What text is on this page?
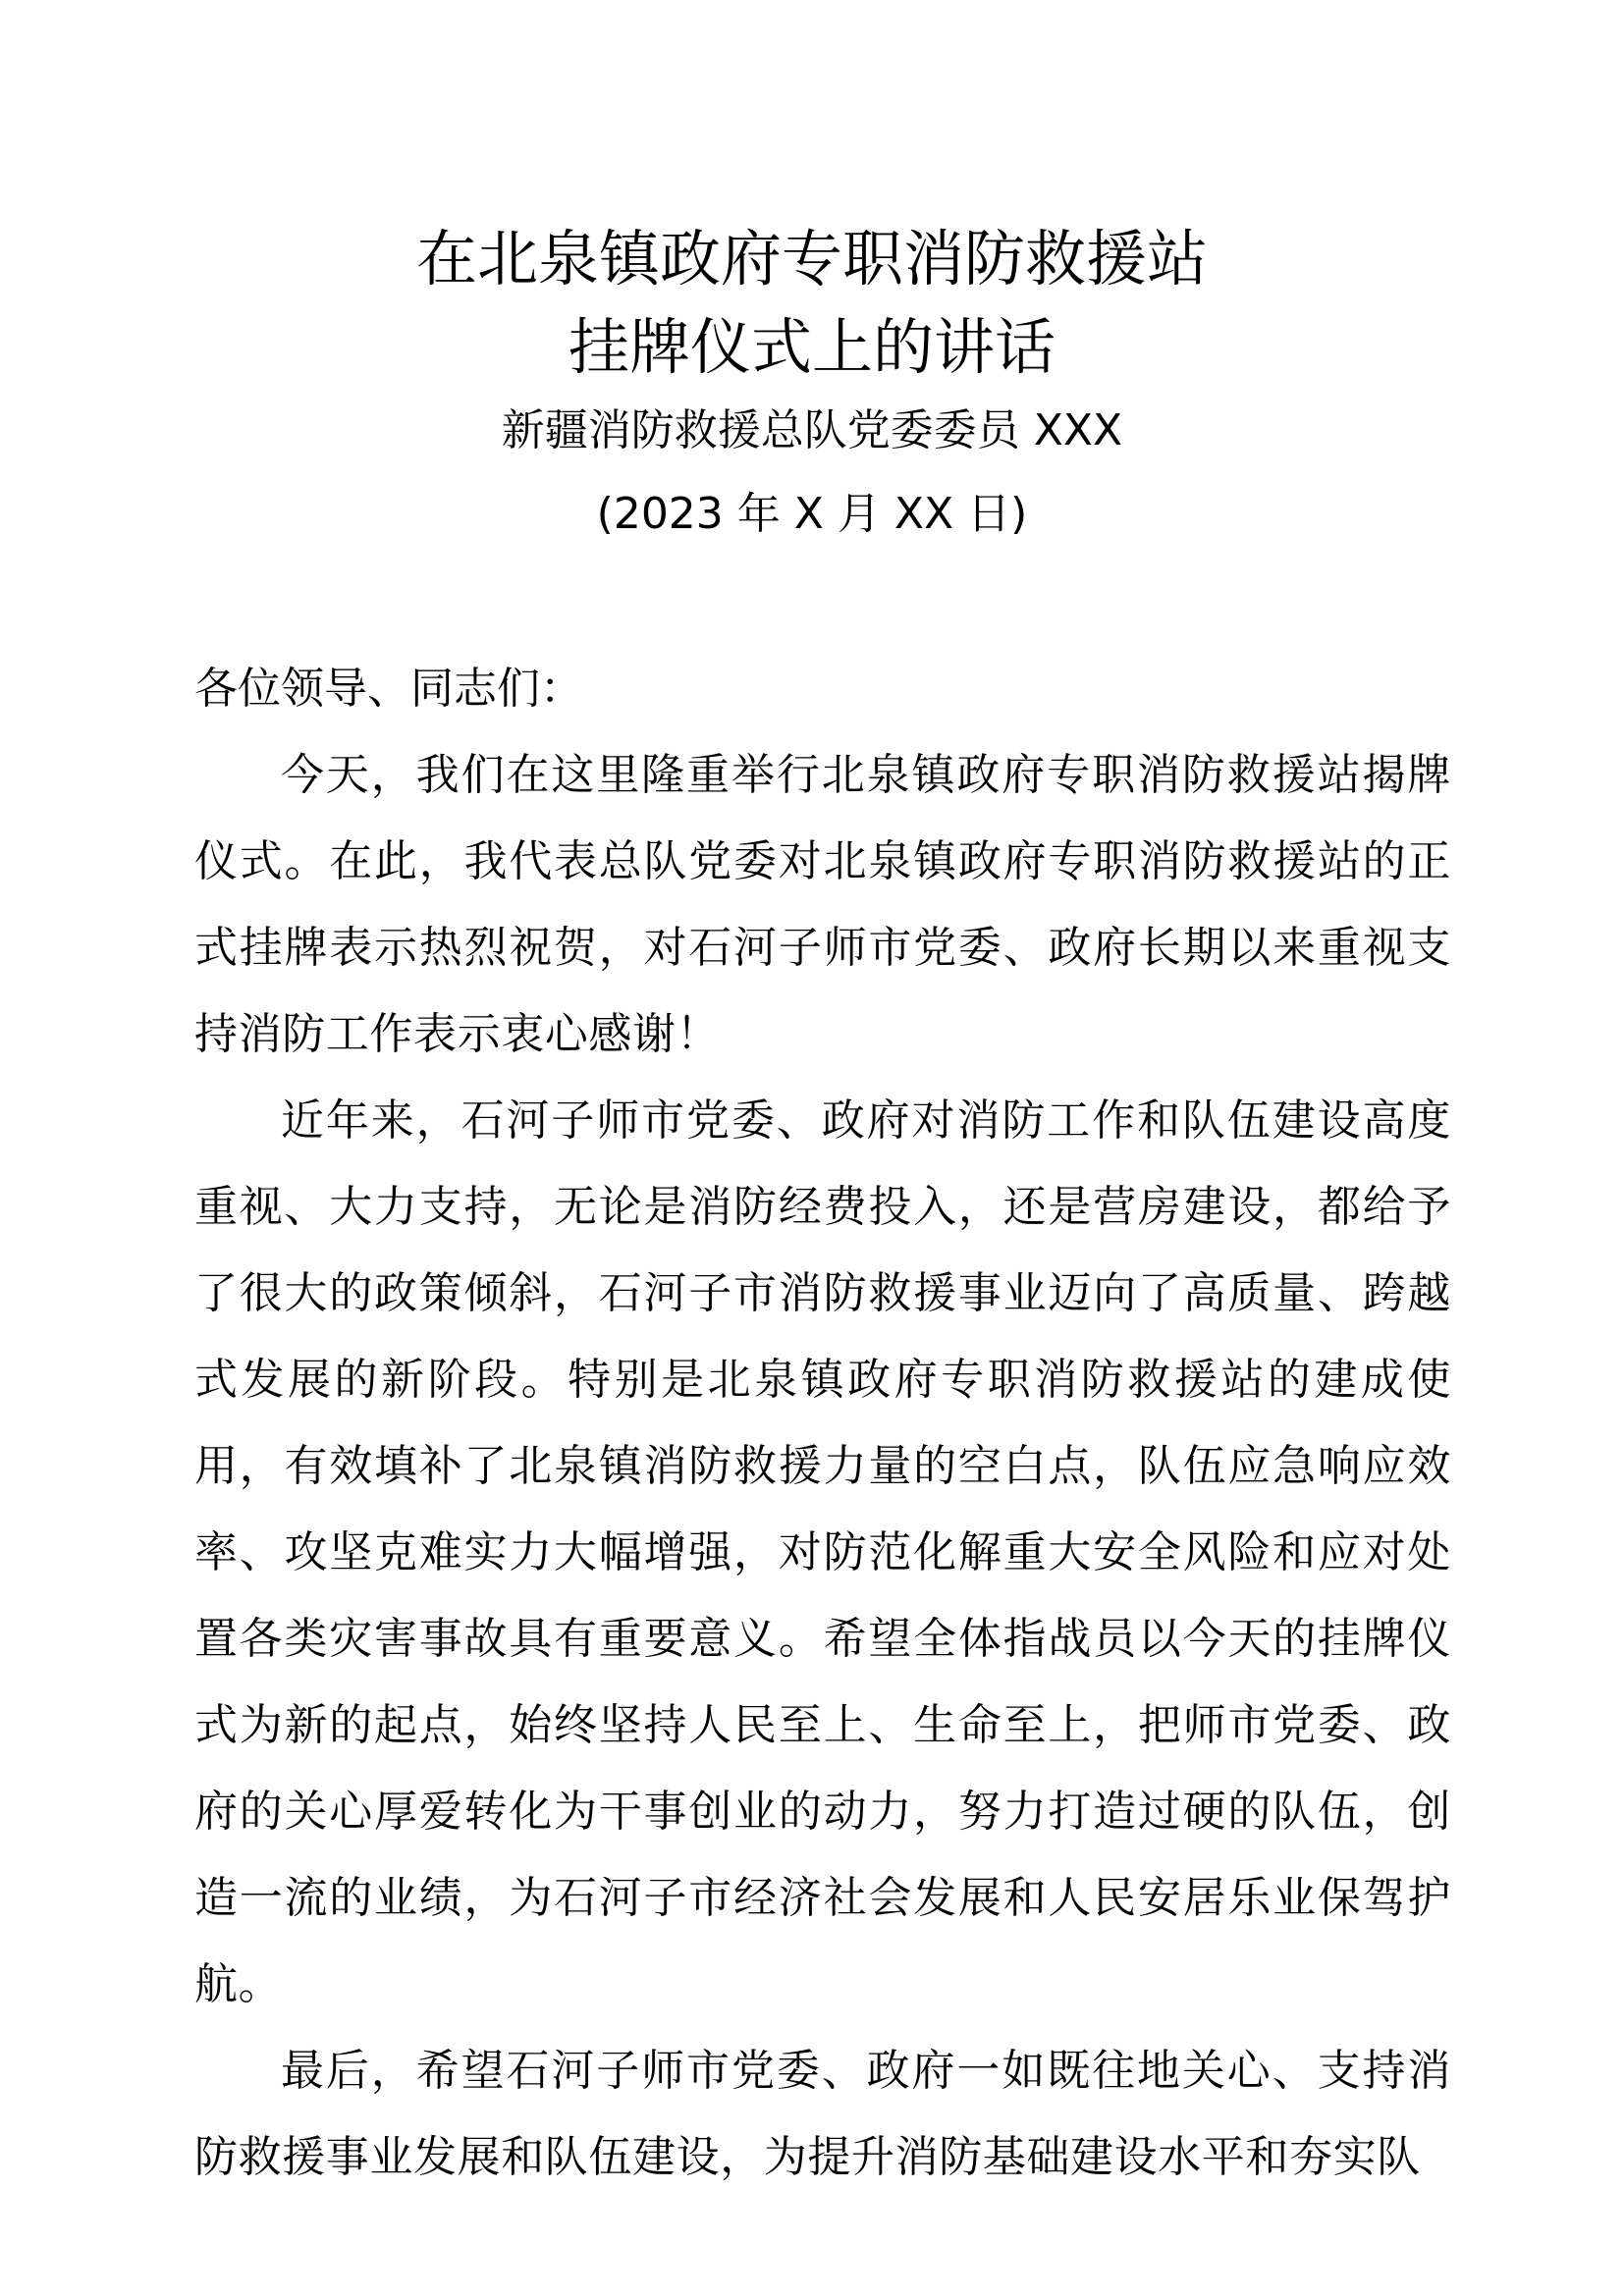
在北泉镇政府专职消防救援站
挂牌仪式上的讲话
新疆消防救援总队党委委员 XXX
(2023 年 X 月 XX 日)

各位领导、同志们：

今天，我们在这里隆重举行北泉镇政府专职消防救援站揭牌仪式。在此，我代表总队党委对北泉镇政府专职消防救援站的正式挂牌表示热烈祝贺，对石河子师市党委、政府长期以来重视支持消防工作表示衷心感谢！

近年来，石河子师市党委、政府对消防工作和队伍建设高度重视、大力支持，无论是消防经费投入，还是营房建设，都给予了很大的政策倾斜，石河子市消防救援事业迈向了高质量、跨越式发展的新阶段。特别是北泉镇政府专职消防救援站的建成使用，有效填补了北泉镇消防救援力量的空白点，队伍应急响应效率、攻坚克难实力大幅增强，对防范化解重大安全风险和应对处置各类灾害事故具有重要意义。希望全体指战员以今天的挂牌仪式为新的起点，始终坚持人民至上、生命至上，把师市党委、政府的关心厚爱转化为干事创业的动力，努力打造过硬的队伍，创造一流的业绩，为石河子市经济社会发展和人民安居乐业保驾护航。

最后，希望石河子师市党委、政府一如既往地关心、支持消防救援事业发展和队伍建设，为提升消防基础建设水平和夯实队
